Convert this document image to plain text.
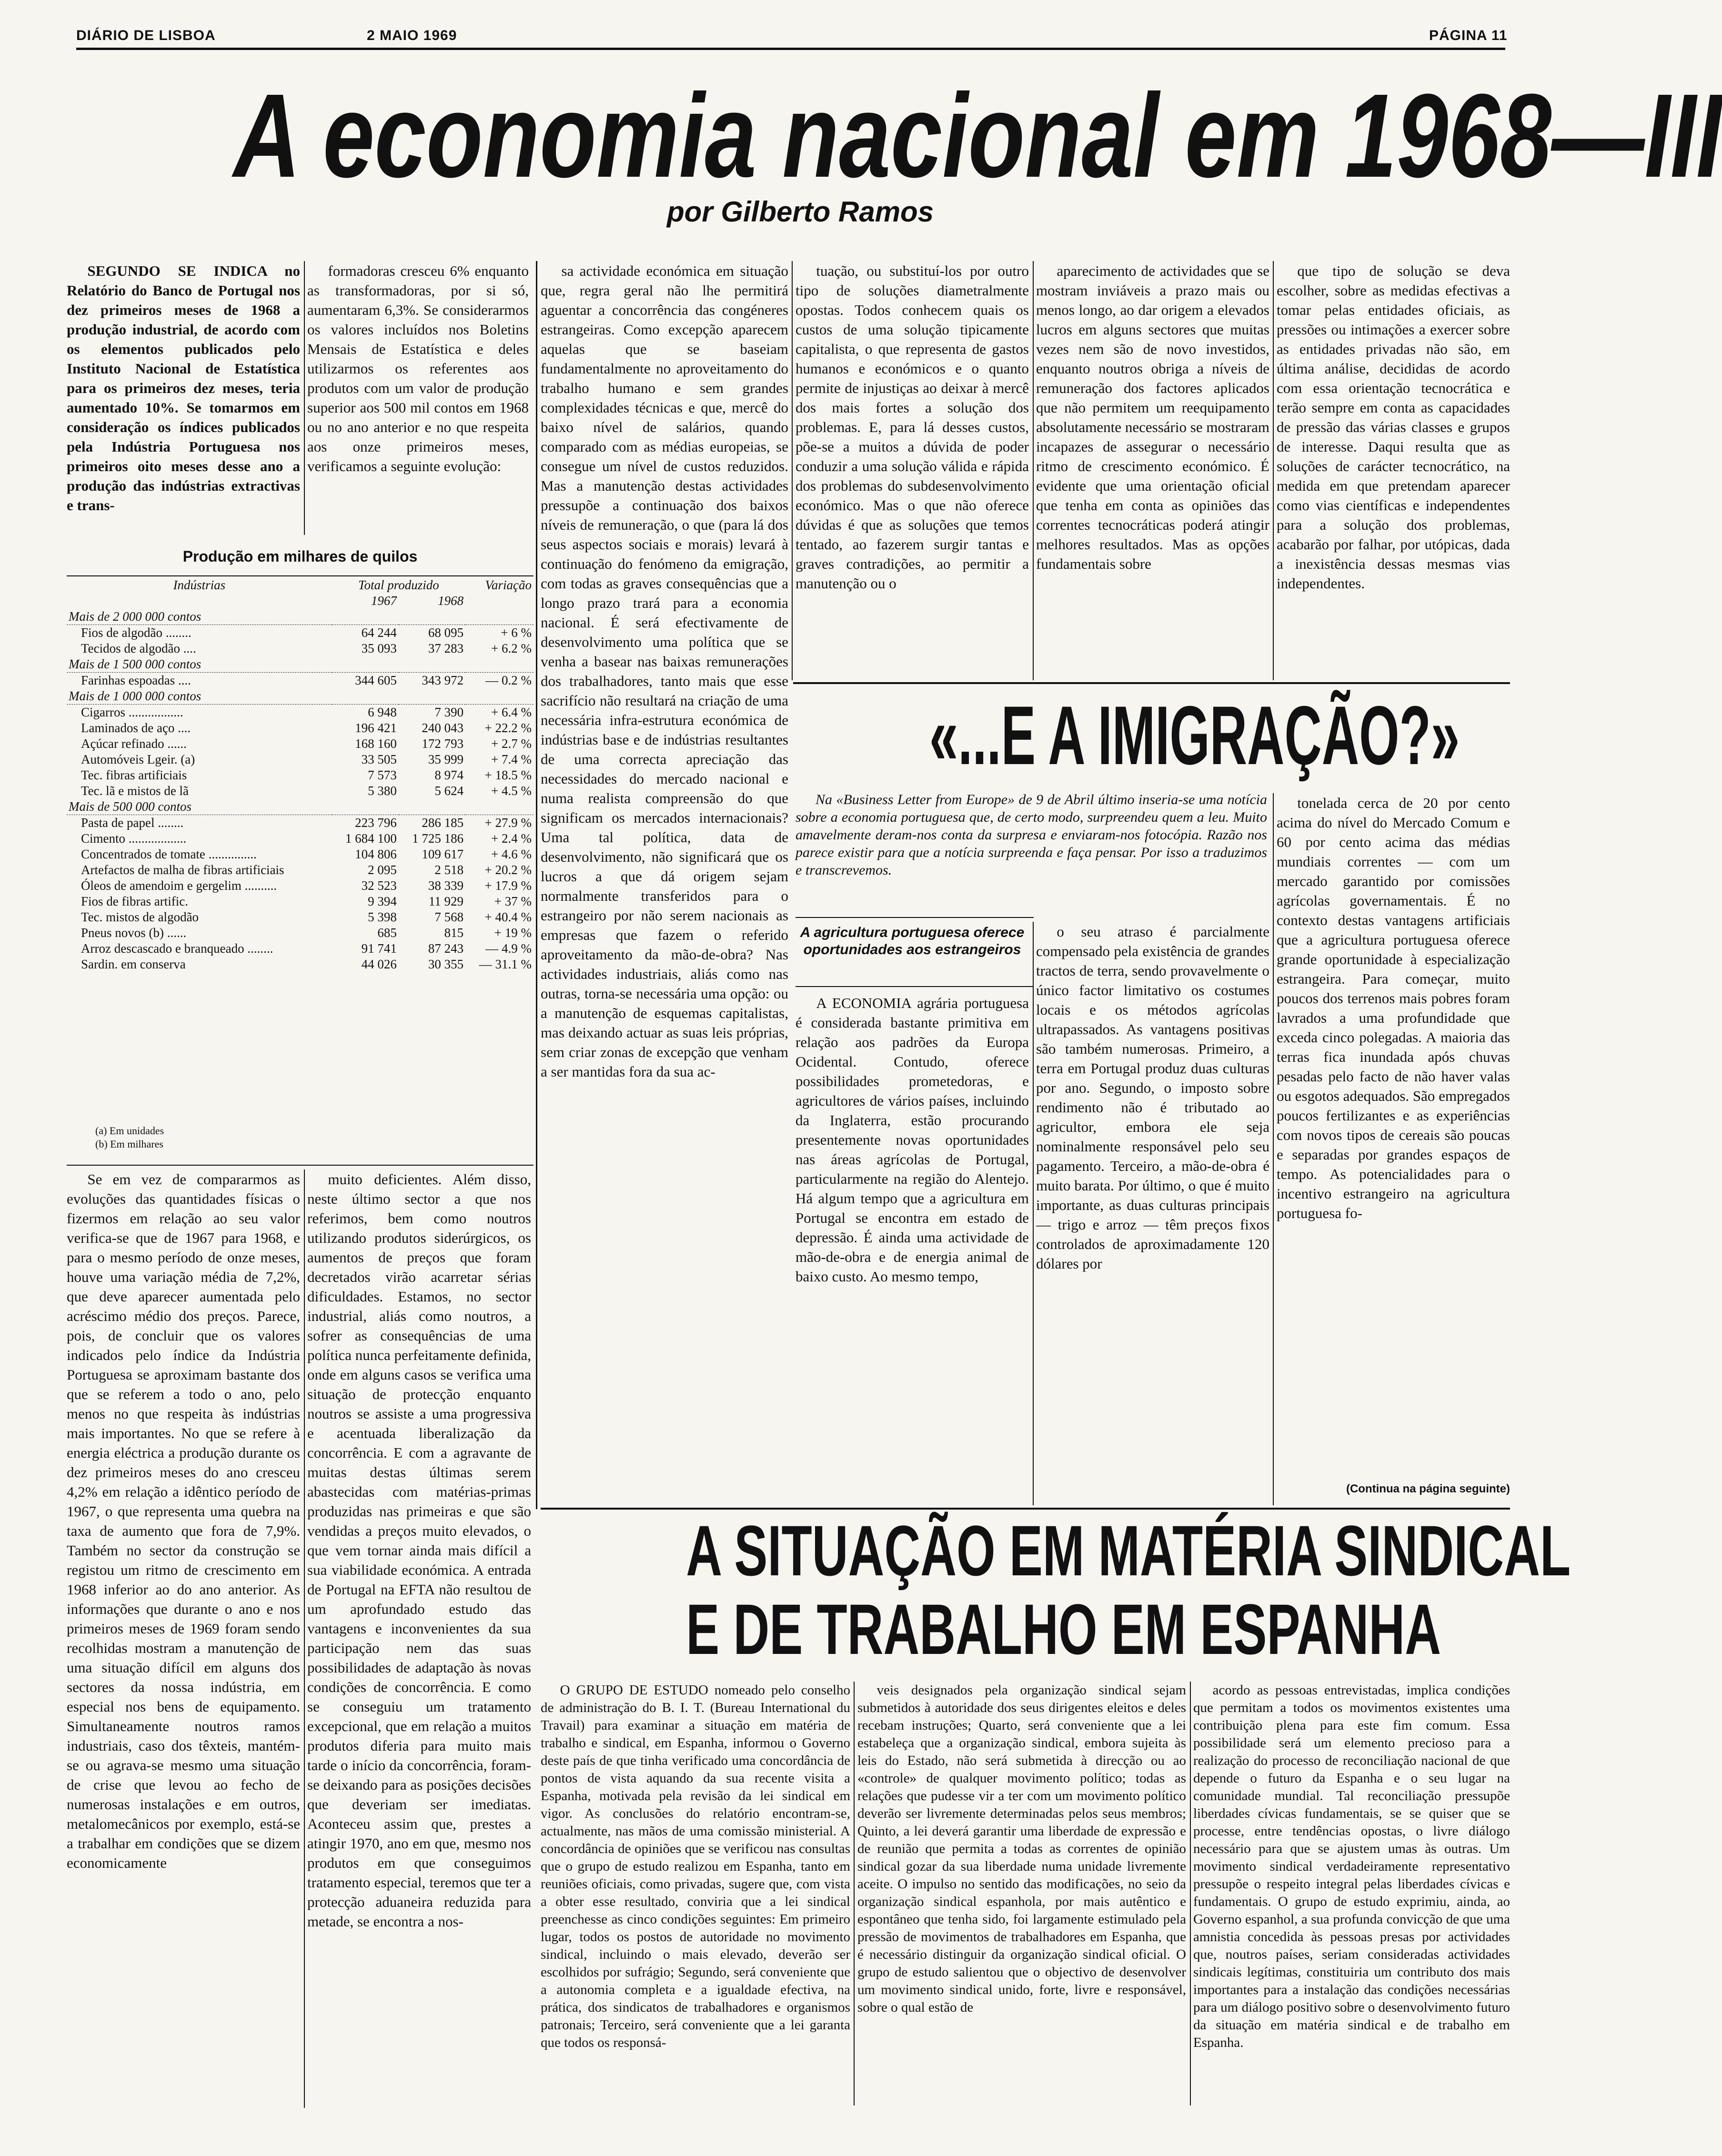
DIÁRIO DE LISBOA	2 MAIO 1969	PÁGINA 11
A economia nacional em 1968—III
por Gilberto Ramos

SEGUNDO SE INDICA no Relatório do Banco de Portugal nos dez primeiros meses de 1968 a produção industrial, de acordo com os elementos publicados pelo Instituto Nacional de Estatística para os primeiros dez meses, teria aumentado 10%. Se tomarmos em consideração os índices publicados pela Indústria Portuguesa nos primeiros oito meses desse ano a produção das indústrias extractivas e trans-

formadoras cresceu 6% enquanto as transformadoras, por si só, aumentaram 6,3%. Se considerarmos os valores incluídos nos Boletins Mensais de Estatística e deles utilizarmos os referentes aos produtos com um valor de produção superior aos 500 mil contos em 1968 ou no ano anterior e no que respeita aos onze primeiros meses, verificamos a seguinte evolução:

Produção em milhares de quilos
Indústrias	Total produzido		Variação
	1967	1968	
Mais de 2 000 000 contos			
Fios de algodão ........	64 244	68 095	+ 6 %
Tecidos de algodão ....	35 093	37 283	+ 6.2 %
Mais de 1 500 000 contos			
Farinhas espoadas ....	344 605	343 972	— 0.2 %
Mais de 1 000 000 contos			
Cigarros .................	6 948	7 390	+ 6.4 %
Laminados de aço ....	196 421	240 043	+ 22.2 %
Açúcar refinado ......	168 160	172 793	+ 2.7 %
Automóveis Lgeir. (a)	33 505	35 999	+ 7.4 %
Tec. fibras artificiais	7 573	8 974	+ 18.5 %
Tec. lã e mistos de lã	5 380	5 624	+ 4.5 %
Mais de 500 000 contos			
Pasta de papel ........	223 796	286 185	+ 27.9 %
Cimento ..................	1 684 100	1 725 186	+ 2.4 %
Concentrados de tomate ...............	104 806	109 617	+ 4.6 %
Artefactos de malha de fibras artificiais	2 095	2 518	+ 20.2 %
Óleos de amendoim e gergelim ..........	32 523	38 339	+ 17.9 %
Fios de fibras artific.	9 394	11 929	+ 37 %
Tec. mistos de algodão	5 398	7 568	+ 40.4 %
Pneus novos (b) ......	685	815	+ 19 %
Arroz descascado e branqueado ........	91 741	87 243	— 4.9 %
Sardin. em conserva	44 026	30 355	— 31.1 %
(a) Em unidades
(b) Em milhares

Se em vez de compararmos as evoluções das quantidades físicas o fizermos em relação ao seu valor verifica-se que de 1967 para 1968, e para o mesmo período de onze meses, houve uma variação média de 7,2%, que deve aparecer aumentada pelo acréscimo médio dos preços. Parece, pois, de concluir que os valores indicados pelo índice da Indústria Portuguesa se aproximam bastante dos que se referem a todo o ano, pelo menos no que respeita às indústrias mais importantes. No que se refere à energia eléctrica a produção durante os dez primeiros meses do ano cresceu 4,2% em relação a idêntico período de 1967, o que representa uma quebra na taxa de aumento que fora de 7,9%. Também no sector da construção se registou um ritmo de crescimento em 1968 inferior ao do ano anterior. As informações que durante o ano e nos primeiros meses de 1969 foram sendo recolhidas mostram a manutenção de uma situação difícil em alguns dos sectores da nossa indústria, em especial nos bens de equipamento. Simultaneamente noutros ramos industriais, caso dos têxteis, mantém-se ou agrava-se mesmo uma situação de crise que levou ao fecho de numerosas instalações e em outros, metalomecânicos por exemplo, está-se a trabalhar em condições que se dizem economicamente

muito deficientes. Além disso, neste último sector a que nos referimos, bem como noutros utilizando produtos siderúrgicos, os aumentos de preços que foram decretados virão acarretar sérias dificuldades. Estamos, no sector industrial, aliás como noutros, a sofrer as consequências de uma política nunca perfeitamente definida, onde em alguns casos se verifica uma situação de protecção enquanto noutros se assiste a uma progressiva e acentuada liberalização da concorrência. E com a agravante de muitas destas últimas serem abastecidas com matérias-primas produzidas nas primeiras e que são vendidas a preços muito elevados, o que vem tornar ainda mais difícil a sua viabilidade económica. A entrada de Portugal na EFTA não resultou de um aprofundado estudo das vantagens e inconvenientes da sua participação nem das suas possibilidades de adaptação às novas condições de concorrência. E como se conseguiu um tratamento excepcional, que em relação a muitos produtos diferia para muito mais tarde o início da concorrência, foram-se deixando para as posições decisões que deveriam ser imediatas. Aconteceu assim que, prestes a atingir 1970, ano em que, mesmo nos produtos em que conseguimos tratamento especial, teremos que ter a protecção aduaneira reduzida para metade, se encontra a nos-

sa actividade económica em situação que, regra geral não lhe permitirá aguentar a concorrência das congéneres estrangeiras. Como excepção aparecem aquelas que se baseiam fundamentalmente no aproveitamento do trabalho humano e sem grandes complexidades técnicas e que, mercê do baixo nível de salários, quando comparado com as médias europeias, se consegue um nível de custos reduzidos. Mas a manutenção destas actividades pressupõe a continuação dos baixos níveis de remuneração, o que (para lá dos seus aspectos sociais e morais) levará à continuação do fenómeno da emigração, com todas as graves consequências que a longo prazo trará para a economia nacional. É será efectivamente de desenvolvimento uma política que se venha a basear nas baixas remunerações dos trabalhadores, tanto mais que esse sacrifício não resultará na criação de uma necessária infra-estrutura económica de indústrias base e de indústrias resultantes de uma correcta apreciação das necessidades do mercado nacional e numa realista compreensão do que significam os mercados internacionais? Uma tal política, data de desenvolvimento, não significará que os lucros a que dá origem sejam normalmente transferidos para o estrangeiro por não serem nacionais as empresas que fazem o referido aproveitamento da mão-de-obra? Nas actividades industriais, aliás como nas outras, torna-se necessária uma opção: ou a manutenção de esquemas capitalistas, mas deixando actuar as suas leis próprias, sem criar zonas de excepção que venham a ser mantidas fora da sua ac-

tuação, ou substituí-los por outro tipo de soluções diametralmente opostas. Todos conhecem quais os custos de uma solução tipicamente capitalista, o que representa de gastos humanos e económicos e o quanto permite de injustiças ao deixar à mercê dos mais fortes a solução dos problemas. E, para lá desses custos, põe-se a muitos a dúvida de poder conduzir a uma solução válida e rápida dos problemas do subdesenvolvimento económico. Mas o que não oferece dúvidas é que as soluções que temos tentado, ao fazerem surgir tantas e graves contradições, ao permitir a manutenção ou o

aparecimento de actividades que se mostram inviáveis a prazo mais ou menos longo, ao dar origem a elevados lucros em alguns sectores que muitas vezes nem são de novo investidos, enquanto noutros obriga a níveis de remuneração dos factores aplicados que não permitem um reequipamento absolutamente necessário se mostraram incapazes de assegurar o necessário ritmo de crescimento económico. É evidente que uma orientação oficial que tenha em conta as opiniões das correntes tecnocráticas poderá atingir melhores resultados. Mas as opções fundamentais sobre

que tipo de solução se deva escolher, sobre as medidas efectivas a tomar pelas entidades oficiais, as pressões ou intimações a exercer sobre as entidades privadas não são, em última análise, decididas de acordo com essa orientação tecnocrática e terão sempre em conta as capacidades de pressão das várias classes e grupos de interesse. Daqui resulta que as soluções de carácter tecnocrático, na medida em que pretendam aparecer como vias científicas e independentes para a solução dos problemas, acabarão por falhar, por utópicas, dada a inexistência dessas mesmas vias independentes.

«...E A IMIGRAÇÃO?»

Na «Business Letter from Europe» de 9 de Abril último inseria-se uma notícia sobre a economia portuguesa que, de certo modo, surpreendeu quem a leu. Muito amavelmente deram-nos conta da surpresa e enviaram-nos fotocópia. Razão nos parece existir para que a notícia surpreenda e faça pensar. Por isso a traduzimos e transcrevemos.

A agricultura portuguesa oferece oportunidades aos estrangeiros

A ECONOMIA agrária portuguesa é considerada bastante primitiva em relação aos padrões da Europa Ocidental. Contudo, oferece possibilidades prometedoras, e agricultores de vários países, incluindo da Inglaterra, estão procurando presentemente novas oportunidades nas áreas agrícolas de Portugal, particularmente na região do Alentejo. Há algum tempo que a agricultura em Portugal se encontra em estado de depressão. É ainda uma actividade de mão-de-obra e de energia animal de baixo custo. Ao mesmo tempo,

o seu atraso é parcialmente compensado pela existência de grandes tractos de terra, sendo provavelmente o único factor limitativo os costumes locais e os métodos agrícolas ultrapassados. As vantagens positivas são também numerosas. Primeiro, a terra em Portugal produz duas culturas por ano. Segundo, o imposto sobre rendimento não é tributado ao agricultor, embora ele seja nominalmente responsável pelo seu pagamento. Terceiro, a mão-de-obra é muito barata. Por último, o que é muito importante, as duas culturas principais — trigo e arroz — têm preços fixos controlados de aproximadamente 120 dólares por

tonelada cerca de 20 por cento acima do nível do Mercado Comum e 60 por cento acima das médias mundiais correntes — com um mercado garantido por comissões agrícolas governamentais. É no contexto destas vantagens artificiais que a agricultura portuguesa oferece grande oportunidade à especialização estrangeira. Para começar, muito poucos dos terrenos mais pobres foram lavrados a uma profundidade que exceda cinco polegadas. A maioria das terras fica inundada após chuvas pesadas pelo facto de não haver valas ou esgotos adequados. São empregados poucos fertilizantes e as experiências com novos tipos de cereais são poucas e separadas por grandes espaços de tempo. As potencialidades para o incentivo estrangeiro na agricultura portuguesa fo-

(Continua na página seguinte)
A SITUAÇÃO EM MATÉRIA SINDICAL
E DE TRABALHO EM ESPANHA

O GRUPO DE ESTUDO nomeado pelo conselho de administração do B. I. T. (Bureau International du Travail) para examinar a situação em matéria de trabalho e sindical, em Espanha, informou o Governo deste país de que tinha verificado uma concordância de pontos de vista aquando da sua recente visita a Espanha, motivada pela revisão da lei sindical em vigor. As conclusões do relatório encontram-se, actualmente, nas mãos de uma comissão ministerial. A concordância de opiniões que se verificou nas consultas que o grupo de estudo realizou em Espanha, tanto em reuniões oficiais, como privadas, sugere que, com vista a obter esse resultado, conviria que a lei sindical preenchesse as cinco condições seguintes: Em primeiro lugar, todos os postos de autoridade no movimento sindical, incluindo o mais elevado, deverão ser escolhidos por sufrágio; Segundo, será conveniente que a autonomia completa e a igualdade efectiva, na prática, dos sindicatos de trabalhadores e organismos patronais; Terceiro, será conveniente que a lei garanta que todos os responsá-

veis designados pela organização sindical sejam submetidos à autoridade dos seus dirigentes eleitos e deles recebam instruções; Quarto, será conveniente que a lei estabeleça que a organização sindical, embora sujeita às leis do Estado, não será submetida à direcção ou ao «controle» de qualquer movimento político; todas as relações que pudesse vir a ter com um movimento político deverão ser livremente determinadas pelos seus membros; Quinto, a lei deverá garantir uma liberdade de expressão e de reunião que permita a todas as correntes de opinião sindical gozar da sua liberdade numa unidade livremente aceite. O impulso no sentido das modificações, no seio da organização sindical espanhola, por mais autêntico e espontâneo que tenha sido, foi largamente estimulado pela pressão de movimentos de trabalhadores em Espanha, que é necessário distinguir da organização sindical oficial. O grupo de estudo salientou que o objectivo de desenvolver um movimento sindical unido, forte, livre e responsável, sobre o qual estão de

acordo as pessoas entrevistadas, implica condições que permitam a todos os movimentos existentes uma contribuição plena para este fim comum. Essa possibilidade será um elemento precioso para a realização do processo de reconciliação nacional de que depende o futuro da Espanha e o seu lugar na comunidade mundial. Tal reconciliação pressupõe liberdades cívicas fundamentais, se se quiser que se processe, entre tendências opostas, o livre diálogo necessário para que se ajustem umas às outras. Um movimento sindical verdadeiramente representativo pressupõe o respeito integral pelas liberdades cívicas e fundamentais. O grupo de estudo exprimiu, ainda, ao Governo espanhol, a sua profunda convicção de que uma amnistia concedida às pessoas presas por actividades que, noutros países, seriam consideradas actividades sindicais legítimas, constituiria um contributo dos mais importantes para a instalação das condições necessárias para um diálogo positivo sobre o desenvolvimento futuro da situação em matéria sindical e de trabalho em Espanha.
